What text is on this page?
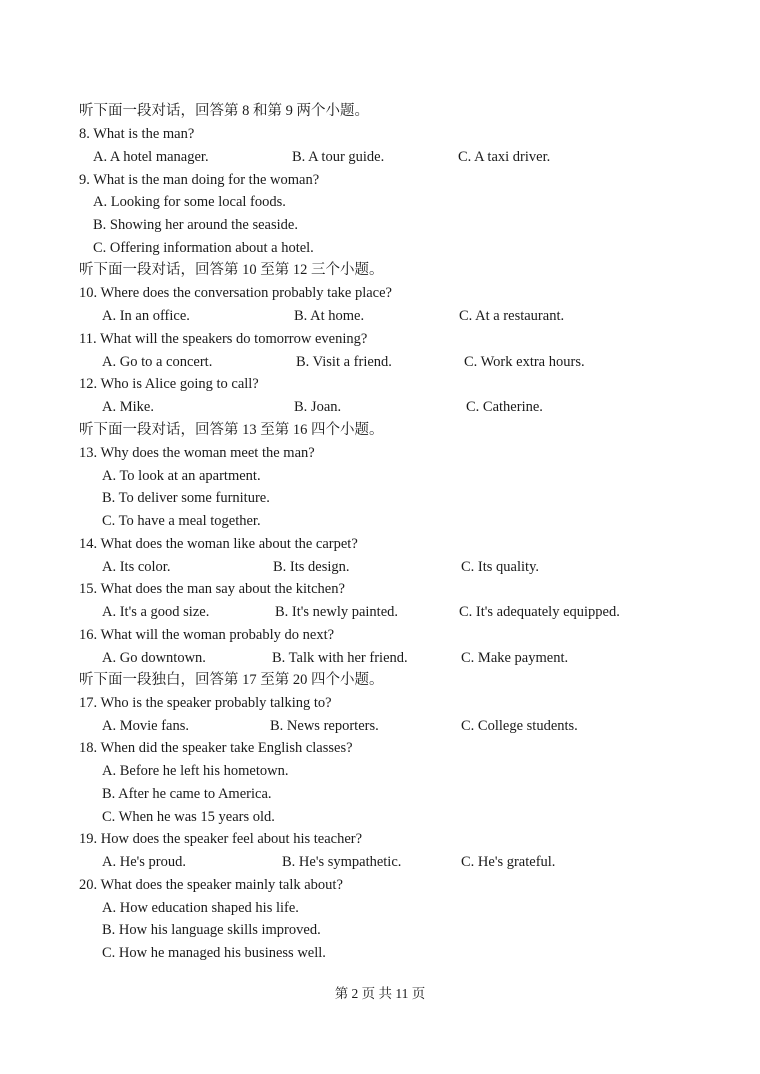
听下面一段对话，回答第 8 和第 9 两个小题。
8. What is the man?
A. A hotel manager.	B. A tour guide.	C. A taxi driver.
9. What is the man doing for the woman?
A. Looking for some local foods.
B. Showing her around the seaside.
C. Offering information about a hotel.
听下面一段对话，回答第 10 至第 12 三个小题。
10. Where does the conversation probably take place?
A. In an office.	B. At home.	C. At a restaurant.
11. What will the speakers do tomorrow evening?
A. Go to a concert.	B. Visit a friend.	C. Work extra hours.
12. Who is Alice going to call?
A. Mike.	B. Joan.	C. Catherine.
听下面一段对话，回答第 13 至第 16 四个小题。
13. Why does the woman meet the man?
A. To look at an apartment.
B. To deliver some furniture.
C. To have a meal together.
14. What does the woman like about the carpet?
A. Its color.	B. Its design.	C. Its quality.
15. What does the man say about the kitchen?
A. It's a good size.	B. It's newly painted.	C. It's adequately equipped.
16. What will the woman probably do next?
A. Go downtown.	B. Talk with her friend.	C. Make payment.
听下面一段独白，回答第 17 至第 20 四个小题。
17. Who is the speaker probably talking to?
A. Movie fans.	B. News reporters.	C. College students.
18. When did the speaker take English classes?
A. Before he left his hometown.
B. After he came to America.
C. When he was 15 years old.
19. How does the speaker feel about his teacher?
A. He's proud.	B. He's sympathetic.	C. He's grateful.
20. What does the speaker mainly talk about?
A. How education shaped his life.
B. How his language skills improved.
C. How he managed his business well.
第 2 页 共 11 页
